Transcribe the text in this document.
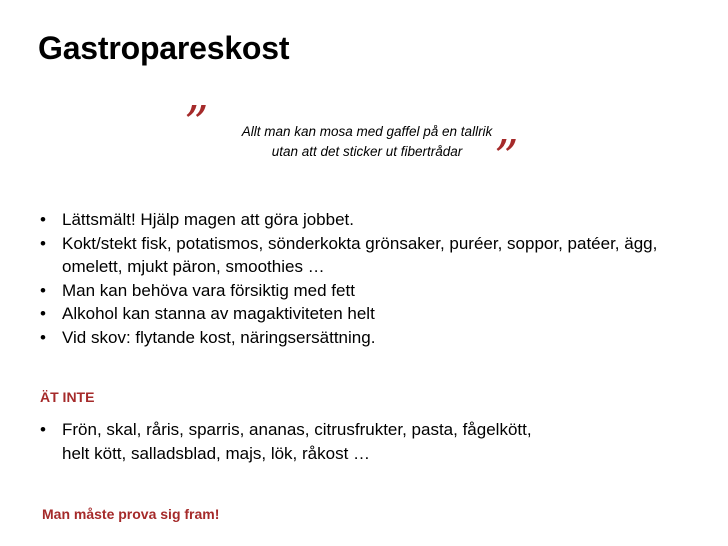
Gastropareskost
”	Allt man kan mosa med gaffel på en tallrik
utan att det sticker ut fibertrådar ”
• Lättsmält! Hjälp magen att göra jobbet.
• Kokt/stekt fisk, potatismos, sönderkokta grönsaker, puréer, soppor, patéer, ägg, omelett, mjukt päron, smoothies …
• Man kan behöva vara försiktig med fett
• Alkohol kan stanna av magaktiviteten helt
• Vid skov: flytande kost, näringsersättning.
ÄT INTE
• Frön, skal, råris, sparris, ananas, citrusfrukter, pasta, fågelkött, helt kött, salladsblad, majs, lök, råkost …
Man måste prova sig fram!
